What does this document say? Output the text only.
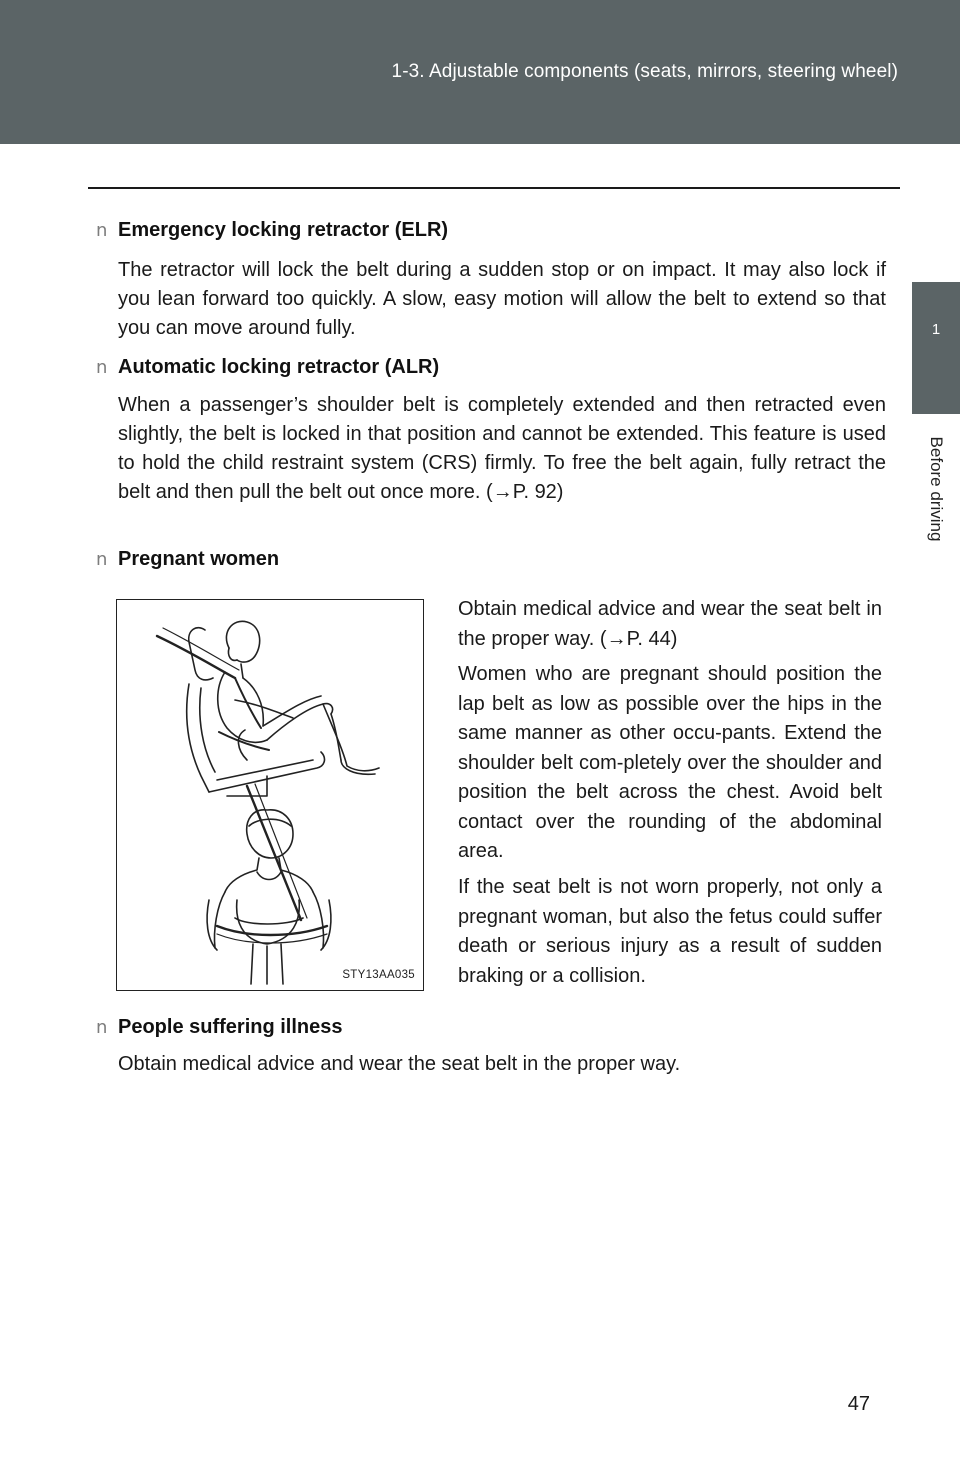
1-3. Adjustable components (seats, mirrors, steering wheel)
1
Before driving
n Emergency locking retractor (ELR)

The retractor will lock the belt during a sudden stop or on impact. It may also lock if you lean forward too quickly. A slow, easy motion will allow the belt to extend so that you can move around fully.

n Automatic locking retractor (ALR)

When a passenger’s shoulder belt is completely extended and then retracted even slightly, the belt is locked in that position and cannot be extended. This feature is used to hold the child restraint system (CRS) firmly. To free the belt again, fully retract the belt and then pull the belt out once more. (→P. 92)

n Pregnant women
STY13AA035

Obtain medical advice and wear the seat belt in the proper way. (→P. 44)

Women who are pregnant should position the lap belt as low as possible over the hips in the same manner as other occu-pants. Extend the shoulder belt com-pletely over the shoulder and position the belt across the chest. Avoid belt contact over the rounding of the abdominal area.

If the seat belt is not worn properly, not only a pregnant woman, but also the fetus could suffer death or serious injury as a result of sudden braking or a collision.

n People suffering illness

Obtain medical advice and wear the seat belt in the proper way.

47
